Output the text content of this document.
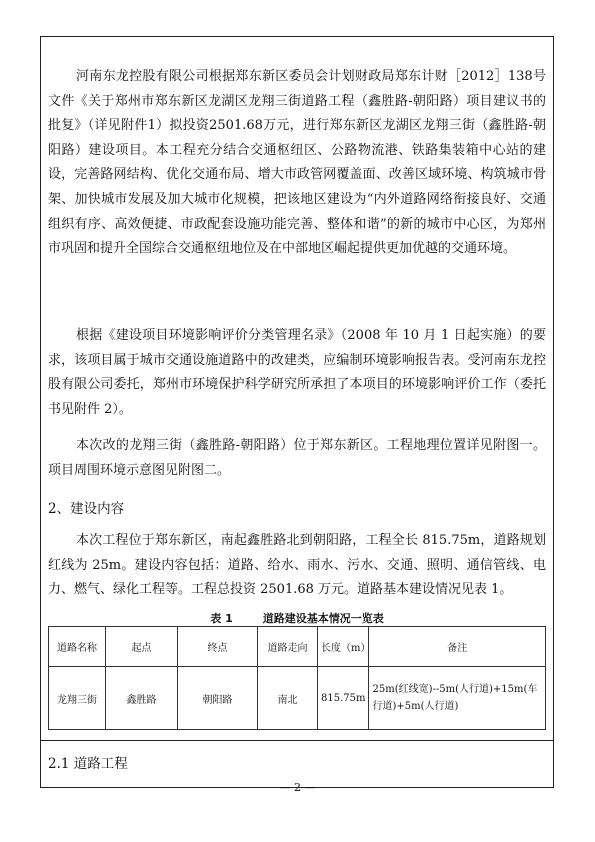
河南东龙控股有限公司根据郑东新区委员会计划财政局郑东计财［2012］138号文件《关于郑州市郑东新区龙湖区龙翔三街道路工程（鑫胜路-朝阳路）项目建议书的批复》（详见附件1）拟投资2501.68万元，进行郑东新区龙湖区龙翔三街（鑫胜路-朝阳路）建设项目。本工程充分结合交通枢纽区、公路物流港、铁路集装箱中心站的建设，完善路网结构、优化交通布局、增大市政管网覆盖面、改善区域环境、构筑城市骨架、加快城市发展及加大城市化规模，把该地区建设为“内外道路网络衔接良好、交通组织有序、高效便捷、市政配套设施功能完善、整体和谐”的新的城市中心区，为郑州市巩固和提升全国综合交通枢纽地位及在中部地区崛起提供更加优越的交通环境。

根据《建设项目环境影响评价分类管理名录》（2008 年 10 月 1 日起实施）的要求，该项目属于城市交通设施道路中的改建类，应编制环境影响报告表。受河南东龙控股有限公司委托，郑州市环境保护科学研究所承担了本项目的环境影响评价工作（委托书见附件 2）。

本次改的龙翔三街（鑫胜路-朝阳路）位于郑东新区。工程地理位置详见附图一。项目周围环境示意图见附图二。

2、建设内容

本次工程位于郑东新区，南起鑫胜路北到朝阳路，工程全长 815.75m，道路规划红线为 25m。建设内容包括：道路、给水、雨水、污水、交通、照明、通信管线、电力、燃气、绿化工程等。工程总投资 2501.68 万元。道路基本建设情况见表 1。

表 1	道路建设基本情况一览表
道路名称	起点	终点	道路走向	长度（m）	备注
龙翔三街	鑫胜路	朝阳路	南北	815.75m	25m(红线宽)--5m(人行道)+15m(车行道)+5m(人行道)

2.1 道路工程

— 2 —
